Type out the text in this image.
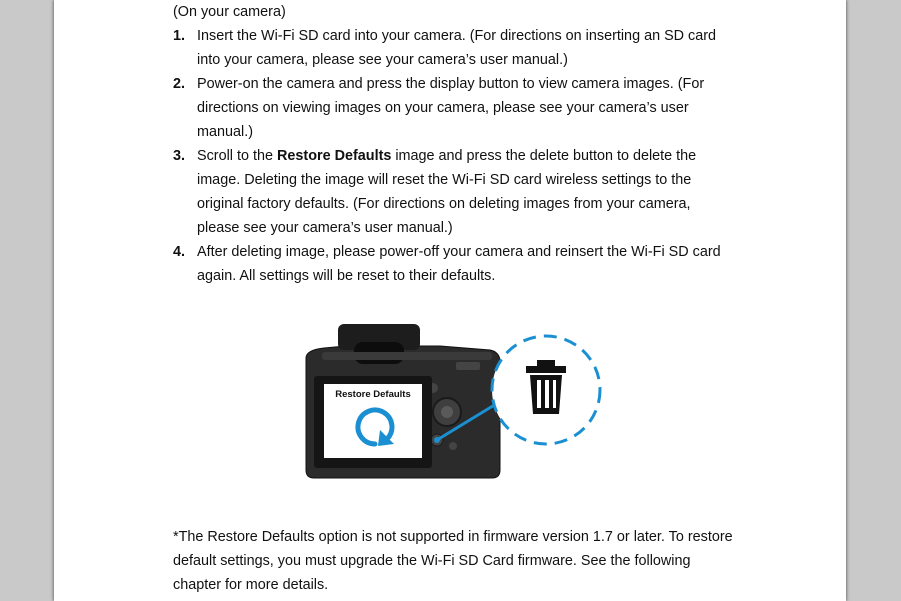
(On your camera)

1. Insert the Wi-Fi SD card into your camera. (For directions on inserting an SD card into your camera, please see your camera’s user manual.)
2. Power-on the camera and press the display button to view camera images. (For directions on viewing images on your camera, please see your camera’s user manual.)
3. Scroll to the Restore Defaults image and press the delete button to delete the image. Deleting the image will reset the Wi-Fi SD card wireless settings to the original factory defaults. (For directions on deleting images from your camera, please see your camera’s user manual.)
4. After deleting image, please power-off your camera and reinsert the Wi-Fi SD card again. All settings will be reset to their defaults.
Restore Defaults

*The Restore Defaults option is not supported in firmware version 1.7 or later. To restore default settings, you must upgrade the Wi-Fi SD Card firmware. See the following chapter for more details.
